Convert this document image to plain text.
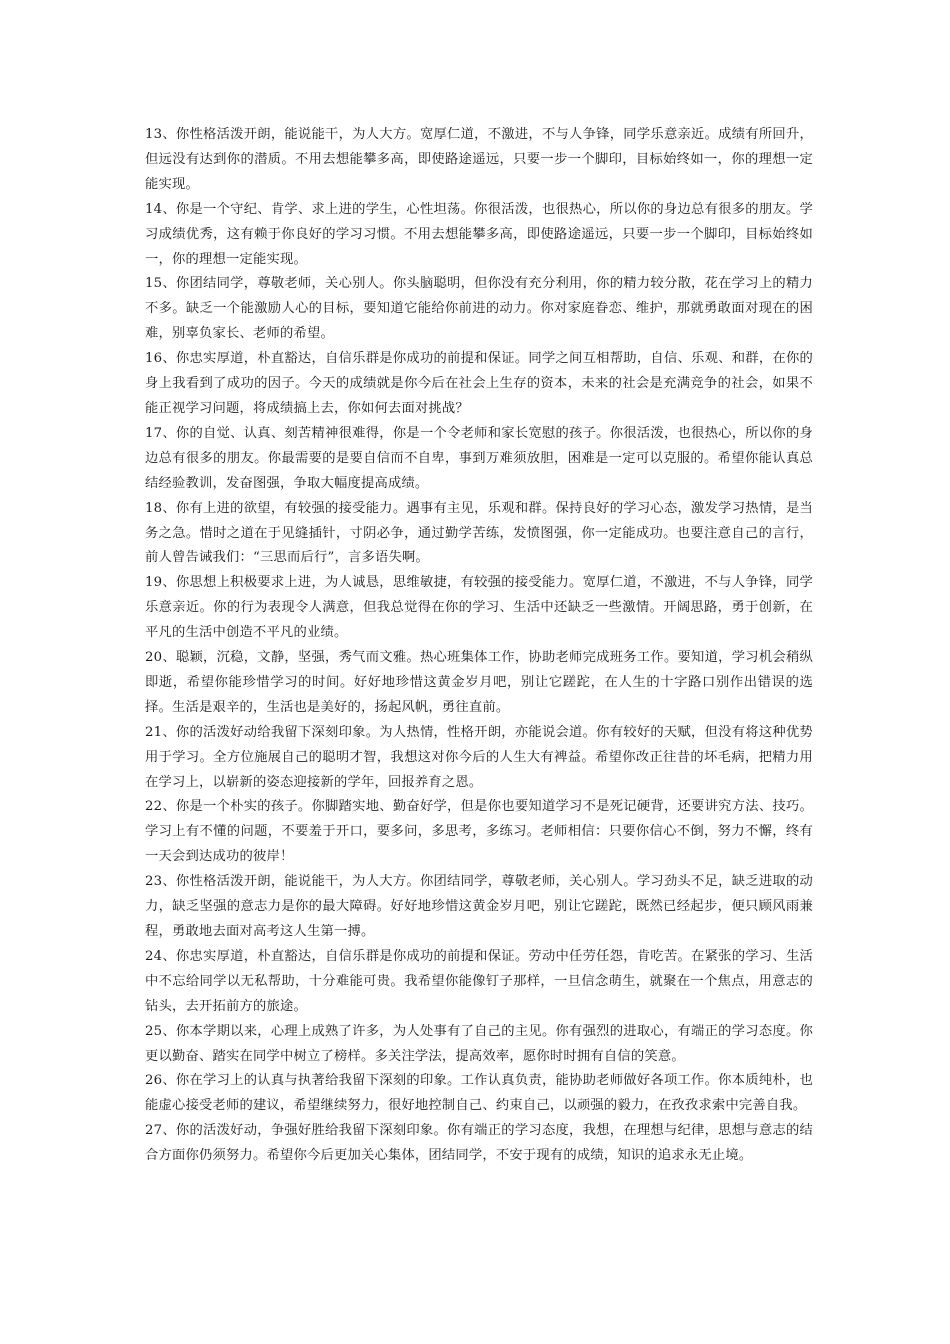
13、你性格活泼开朗，能说能干，为人大方。宽厚仁道，不激进，不与人争锋，同学乐意亲近。成绩有所回升，但远没有达到你的潜质。不用去想能攀多高，即使路途遥远，只要一步一个脚印，目标始终如一，你的理想一定能实现。

14、你是一个守纪、肯学、求上进的学生，心性坦荡。你很活泼，也很热心，所以你的身边总有很多的朋友。学习成绩优秀，这有赖于你良好的学习习惯。不用去想能攀多高，即使路途遥远，只要一步一个脚印，目标始终如一，你的理想一定能实现。

15、你团结同学，尊敬老师，关心别人。你头脑聪明，但你没有充分利用，你的精力较分散，花在学习上的精力不多。缺乏一个能激励人心的目标，要知道它能给你前进的动力。你对家庭眷恋、维护，那就勇敢面对现在的困难，别辜负家长、老师的希望。

16、你忠实厚道，朴直豁达，自信乐群是你成功的前提和保证。同学之间互相帮助，自信、乐观、和群，在你的身上我看到了成功的因子。今天的成绩就是你今后在社会上生存的资本，未来的社会是充满竞争的社会，如果不能正视学习问题，将成绩搞上去，你如何去面对挑战？

17、你的自觉、认真、刻苦精神很难得，你是一个令老师和家长宽慰的孩子。你很活泼，也很热心，所以你的身边总有很多的朋友。你最需要的是要自信而不自卑，事到万难须放胆，困难是一定可以克服的。希望你能认真总结经验教训，发奋图强，争取大幅度提高成绩。

18、你有上进的欲望，有较强的接受能力。遇事有主见，乐观和群。保持良好的学习心态，激发学习热情，是当务之急。惜时之道在于见缝插针，寸阴必争，通过勤学苦练，发愤图强，你一定能成功。也要注意自己的言行，前人曾告诫我们：“三思而后行”，言多语失啊。

19、你思想上积极要求上进，为人诚恳，思维敏捷，有较强的接受能力。宽厚仁道，不激进，不与人争锋，同学乐意亲近。你的行为表现令人满意，但我总觉得在你的学习、生活中还缺乏一些激情。开阔思路，勇于创新，在平凡的生活中创造不平凡的业绩。

20、聪颖，沉稳，文静，坚强，秀气而文雅。热心班集体工作，协助老师完成班务工作。要知道，学习机会稍纵即逝，希望你能珍惜学习的时间。好好地珍惜这黄金岁月吧，别让它蹉跎，在人生的十字路口别作出错误的选择。生活是艰辛的，生活也是美好的，扬起风帆，勇往直前。

21、你的活泼好动给我留下深刻印象。为人热情，性格开朗，亦能说会道。你有较好的天赋，但没有将这种优势用于学习。全方位施展自己的聪明才智，我想这对你今后的人生大有裨益。希望你改正往昔的坏毛病，把精力用在学习上，以崭新的姿态迎接新的学年，回报养育之恩。

22、你是一个朴实的孩子。你脚踏实地、勤奋好学，但是你也要知道学习不是死记硬背，还要讲究方法、技巧。学习上有不懂的问题，不要羞于开口，要多问，多思考，多练习。老师相信：只要你信心不倒，努力不懈，终有一天会到达成功的彼岸！

23、你性格活泼开朗，能说能干，为人大方。你团结同学，尊敬老师，关心别人。学习劲头不足，缺乏进取的动力，缺乏坚强的意志力是你的最大障碍。好好地珍惜这黄金岁月吧，别让它蹉跎，既然已经起步，便只顾风雨兼程，勇敢地去面对高考这人生第一搏。

24、你忠实厚道，朴直豁达，自信乐群是你成功的前提和保证。劳动中任劳任怨，肯吃苦。在紧张的学习、生活中不忘给同学以无私帮助，十分难能可贵。我希望你能像钉子那样，一旦信念萌生，就聚在一个焦点，用意志的钻头，去开拓前方的旅途。

25、你本学期以来，心理上成熟了许多，为人处事有了自己的主见。你有强烈的进取心，有端正的学习态度。你更以勤奋、踏实在同学中树立了榜样。多关注学法，提高效率，愿你时时拥有自信的笑意。

26、你在学习上的认真与执著给我留下深刻的印象。工作认真负责，能协助老师做好各项工作。你本质纯朴，也能虚心接受老师的建议，希望继续努力，很好地控制自己、约束自己，以顽强的毅力，在孜孜求索中完善自我。

27、你的活泼好动，争强好胜给我留下深刻印象。你有端正的学习态度，我想，在理想与纪律，思想与意志的结合方面你仍须努力。希望你今后更加关心集体，团结同学，不安于现有的成绩，知识的追求永无止境。
